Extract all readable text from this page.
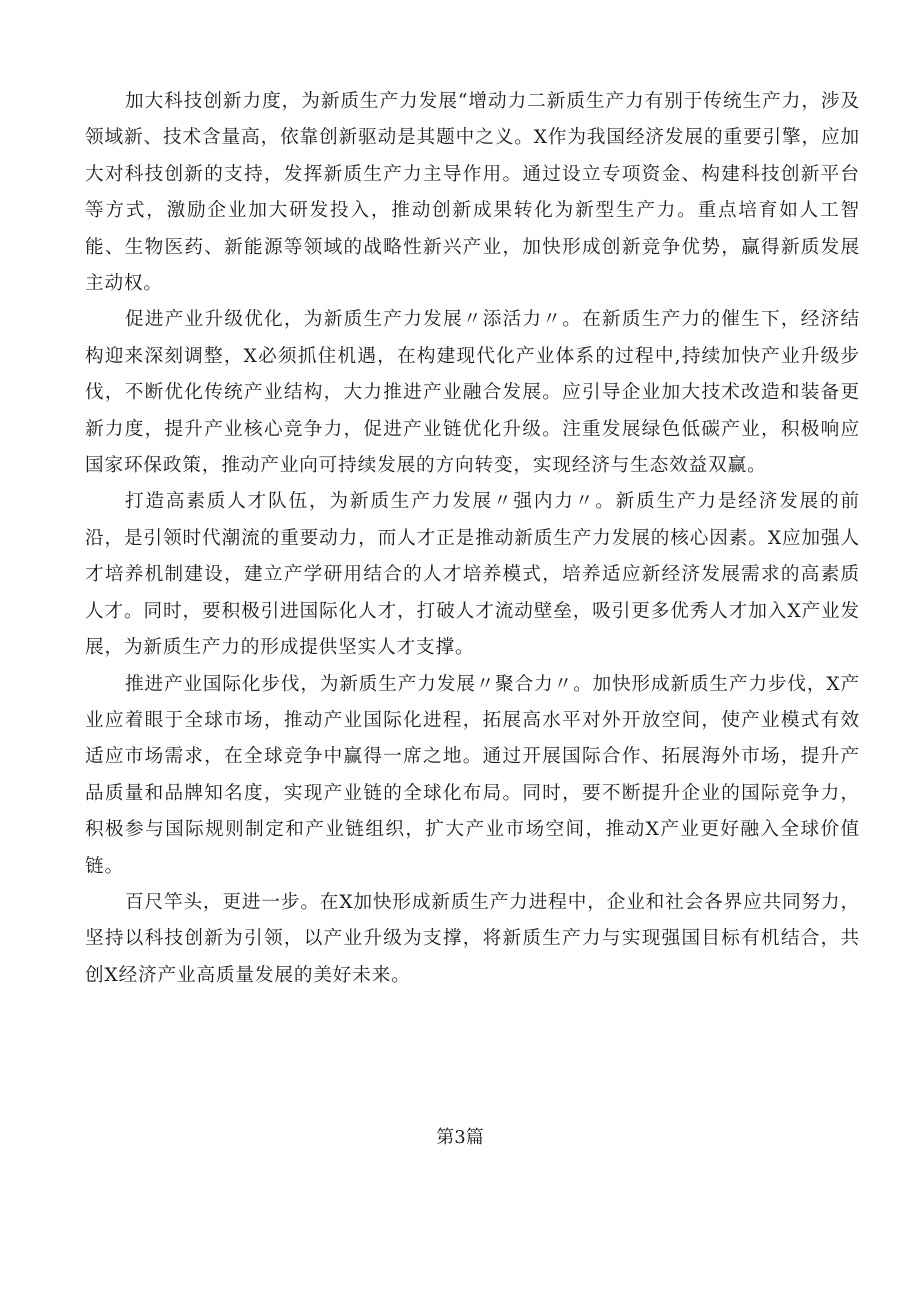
加大科技创新力度，为新质生产力发展“增动力二新质生产力有别于传统生产力，涉及领域新、技术含量高，依靠创新驱动是其题中之义。X作为我国经济发展的重要引擎，应加大对科技创新的支持，发挥新质生产力主导作用。通过设立专项资金、构建科技创新平台等方式，激励企业加大研发投入，推动创新成果转化为新型生产力。重点培育如人工智能、生物医药、新能源等领域的战略性新兴产业，加快形成创新竞争优势，赢得新质发展主动权。

促进产业升级优化，为新质生产力发展〃添活力〃。在新质生产力的催生下，经济结构迎来深刻调整，X必须抓住机遇，在构建现代化产业体系的过程中,持续加快产业升级步伐，不断优化传统产业结构，大力推进产业融合发展。应引导企业加大技术改造和装备更新力度，提升产业核心竞争力，促进产业链优化升级。注重发展绿色低碳产业，积极响应国家环保政策，推动产业向可持续发展的方向转变，实现经济与生态效益双赢。

打造高素质人才队伍，为新质生产力发展〃强内力〃。新质生产力是经济发展的前沿，是引领时代潮流的重要动力，而人才正是推动新质生产力发展的核心因素。X应加强人才培养机制建设，建立产学研用结合的人才培养模式，培养适应新经济发展需求的高素质人才。同时，要积极引进国际化人才，打破人才流动壁垒，吸引更多优秀人才加入X产业发展，为新质生产力的形成提供坚实人才支撑。

推进产业国际化步伐，为新质生产力发展〃聚合力〃。加快形成新质生产力步伐，X产业应着眼于全球市场，推动产业国际化进程，拓展高水平对外开放空间，使产业模式有效适应市场需求，在全球竞争中赢得一席之地。通过开展国际合作、拓展海外市场，提升产品质量和品牌知名度，实现产业链的全球化布局。同时，要不断提升企业的国际竞争力，积极参与国际规则制定和产业链组织，扩大产业市场空间，推动X产业更好融入全球价值链。

百尺竿头，更进一步。在X加快形成新质生产力进程中，企业和社会各界应共同努力，坚持以科技创新为引领，以产业升级为支撑，将新质生产力与实现强国目标有机结合，共创X经济产业高质量发展的美好未来。

第3篇
